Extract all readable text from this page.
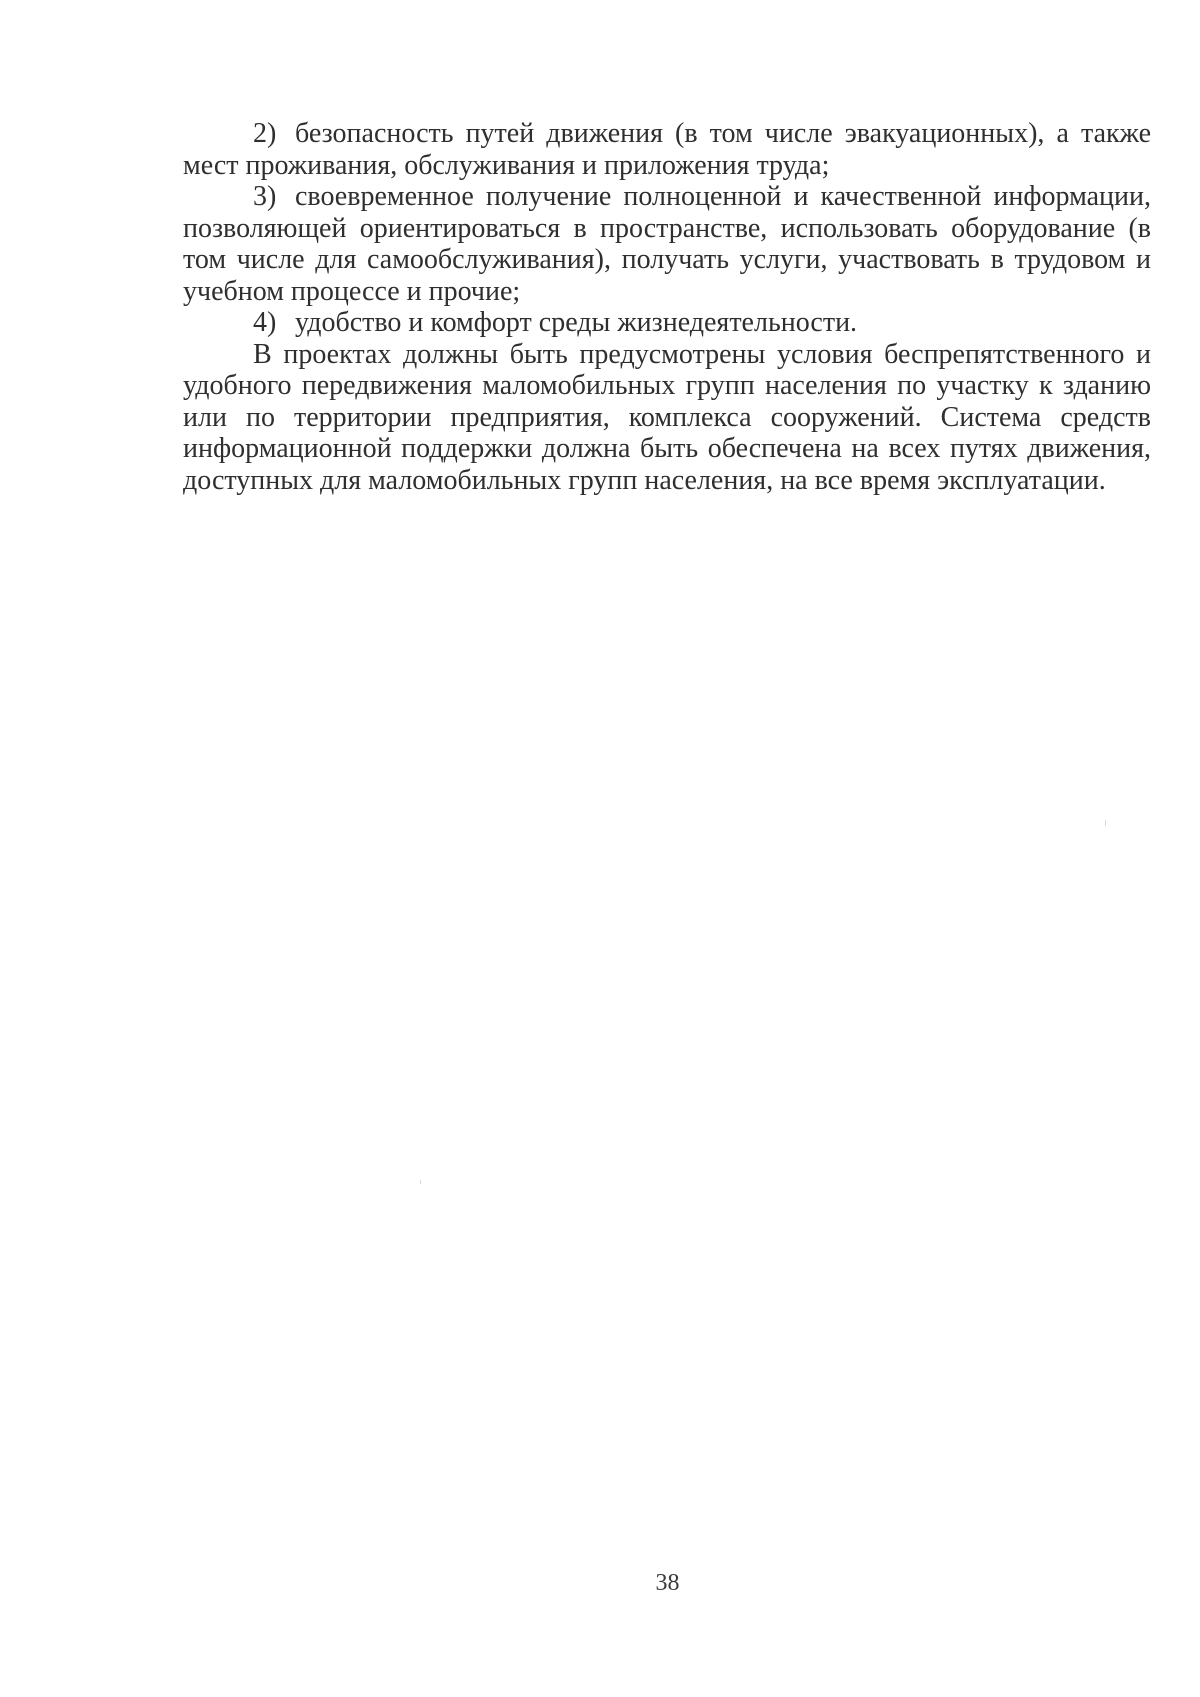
2) безопасность путей движения (в том числе эвакуационных), а также мест проживания, обслуживания и приложения труда;

3) своевременное получение полноценной и качественной информации, позволяющей ориентироваться в пространстве, использовать оборудование (в том числе для самообслуживания), получать услуги, участвовать в трудовом и учебном процессе и прочие;

4) удобство и комфорт среды жизнедеятельности.

В проектах должны быть предусмотрены условия беспрепятственного и удобного передвижения маломобильных групп населения по участку к зданию или по территории предприятия, комплекса сооружений. Система средств информационной поддержки должна быть обеспечена на всех путях движения, доступных для маломобильных групп населения, на все время эксплуатации.

38
